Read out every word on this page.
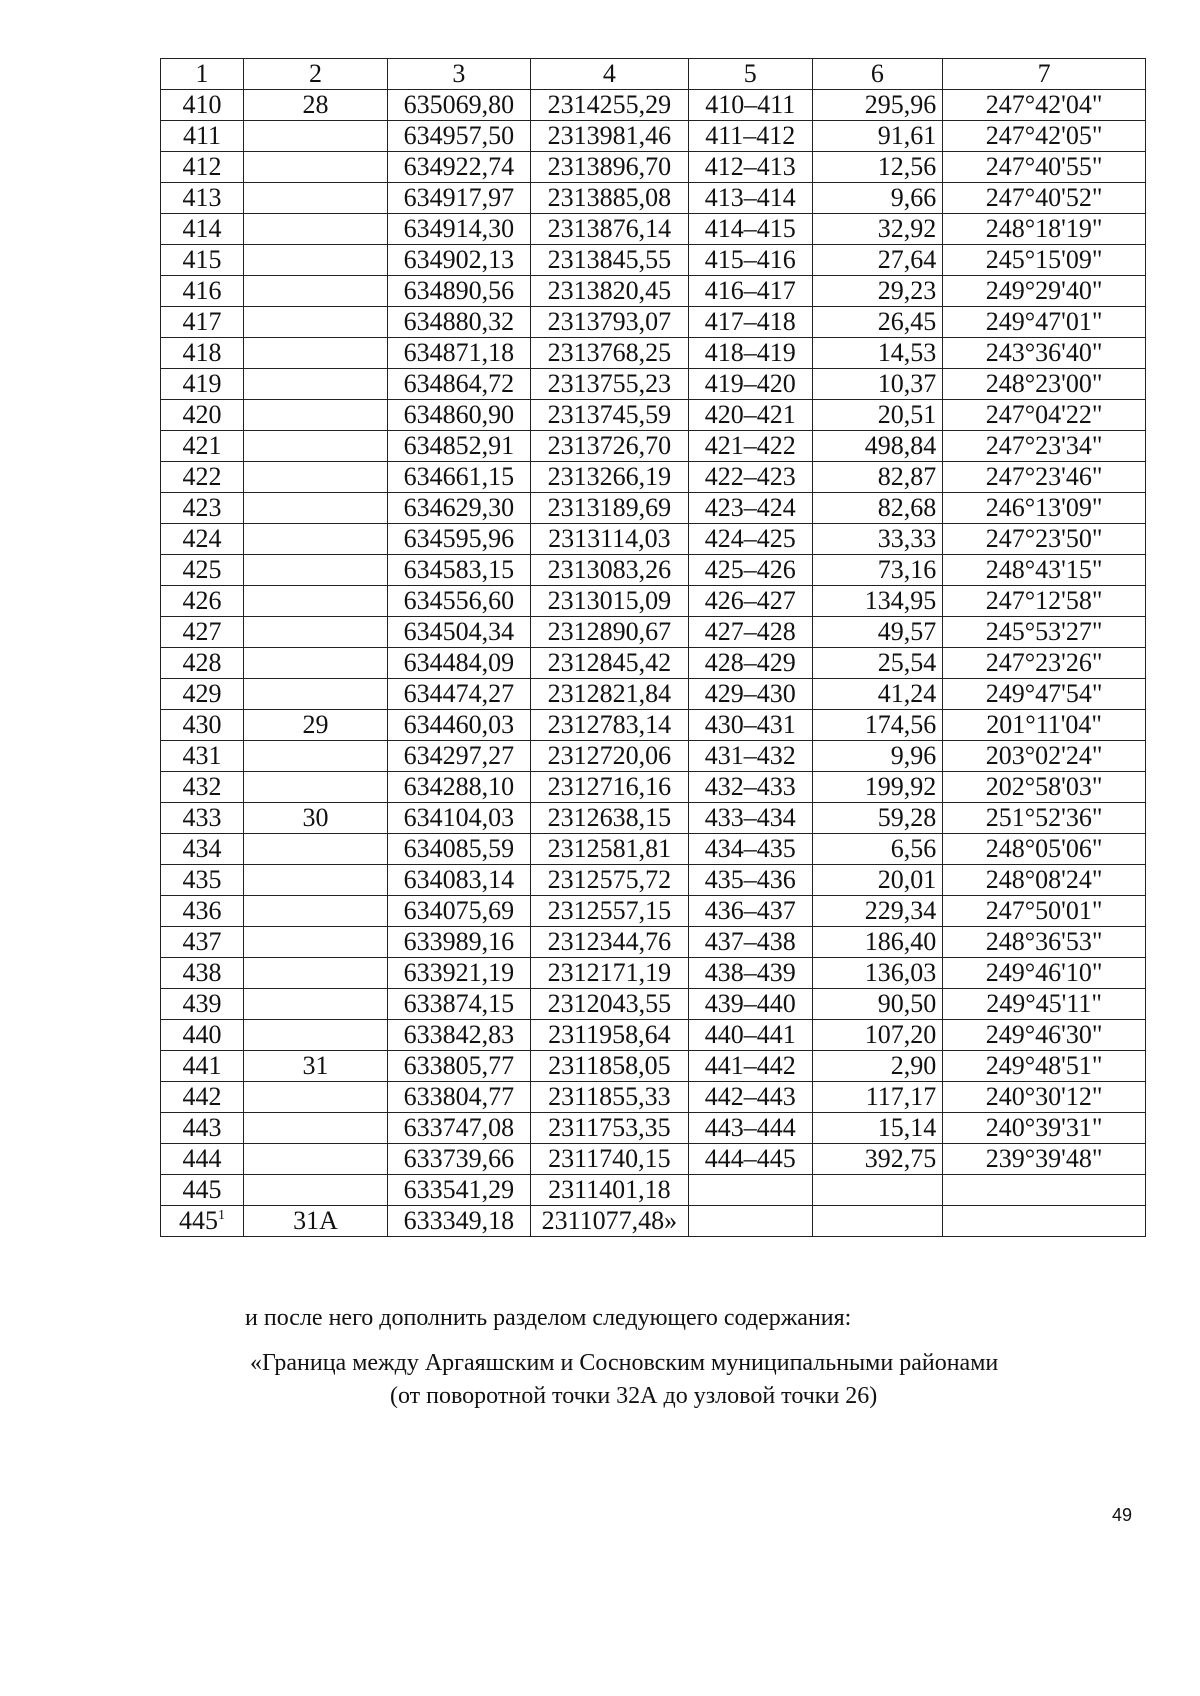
1	2	3	4	5	6	7
410	28	635069,80	2314255,29	410–411	295,96	247°42'04"
411		634957,50	2313981,46	411–412	91,61	247°42'05"
412		634922,74	2313896,70	412–413	12,56	247°40'55"
413		634917,97	2313885,08	413–414	9,66	247°40'52"
414		634914,30	2313876,14	414–415	32,92	248°18'19"
415		634902,13	2313845,55	415–416	27,64	245°15'09"
416		634890,56	2313820,45	416–417	29,23	249°29'40"
417		634880,32	2313793,07	417–418	26,45	249°47'01"
418		634871,18	2313768,25	418–419	14,53	243°36'40"
419		634864,72	2313755,23	419–420	10,37	248°23'00"
420		634860,90	2313745,59	420–421	20,51	247°04'22"
421		634852,91	2313726,70	421–422	498,84	247°23'34"
422		634661,15	2313266,19	422–423	82,87	247°23'46"
423		634629,30	2313189,69	423–424	82,68	246°13'09"
424		634595,96	2313114,03	424–425	33,33	247°23'50"
425		634583,15	2313083,26	425–426	73,16	248°43'15"
426		634556,60	2313015,09	426–427	134,95	247°12'58"
427		634504,34	2312890,67	427–428	49,57	245°53'27"
428		634484,09	2312845,42	428–429	25,54	247°23'26"
429		634474,27	2312821,84	429–430	41,24	249°47'54"
430	29	634460,03	2312783,14	430–431	174,56	201°11'04"
431		634297,27	2312720,06	431–432	9,96	203°02'24"
432		634288,10	2312716,16	432–433	199,92	202°58'03"
433	30	634104,03	2312638,15	433–434	59,28	251°52'36"
434		634085,59	2312581,81	434–435	6,56	248°05'06"
435		634083,14	2312575,72	435–436	20,01	248°08'24"
436		634075,69	2312557,15	436–437	229,34	247°50'01"
437		633989,16	2312344,76	437–438	186,40	248°36'53"
438		633921,19	2312171,19	438–439	136,03	249°46'10"
439		633874,15	2312043,55	439–440	90,50	249°45'11"
440		633842,83	2311958,64	440–441	107,20	249°46'30"
441	31	633805,77	2311858,05	441–442	2,90	249°48'51"
442		633804,77	2311855,33	442–443	117,17	240°30'12"
443		633747,08	2311753,35	443–444	15,14	240°39'31"
444		633739,66	2311740,15	444–445	392,75	239°39'48"
445		633541,29	2311401,18			
$445^1$	31А	633349,18	2311077,48»			
и после него дополнить разделом следующего содержания:
«Граница между Аргаяшским и Сосновским муниципальными районами
(от поворотной точки 32А до узловой точки 26)
49
